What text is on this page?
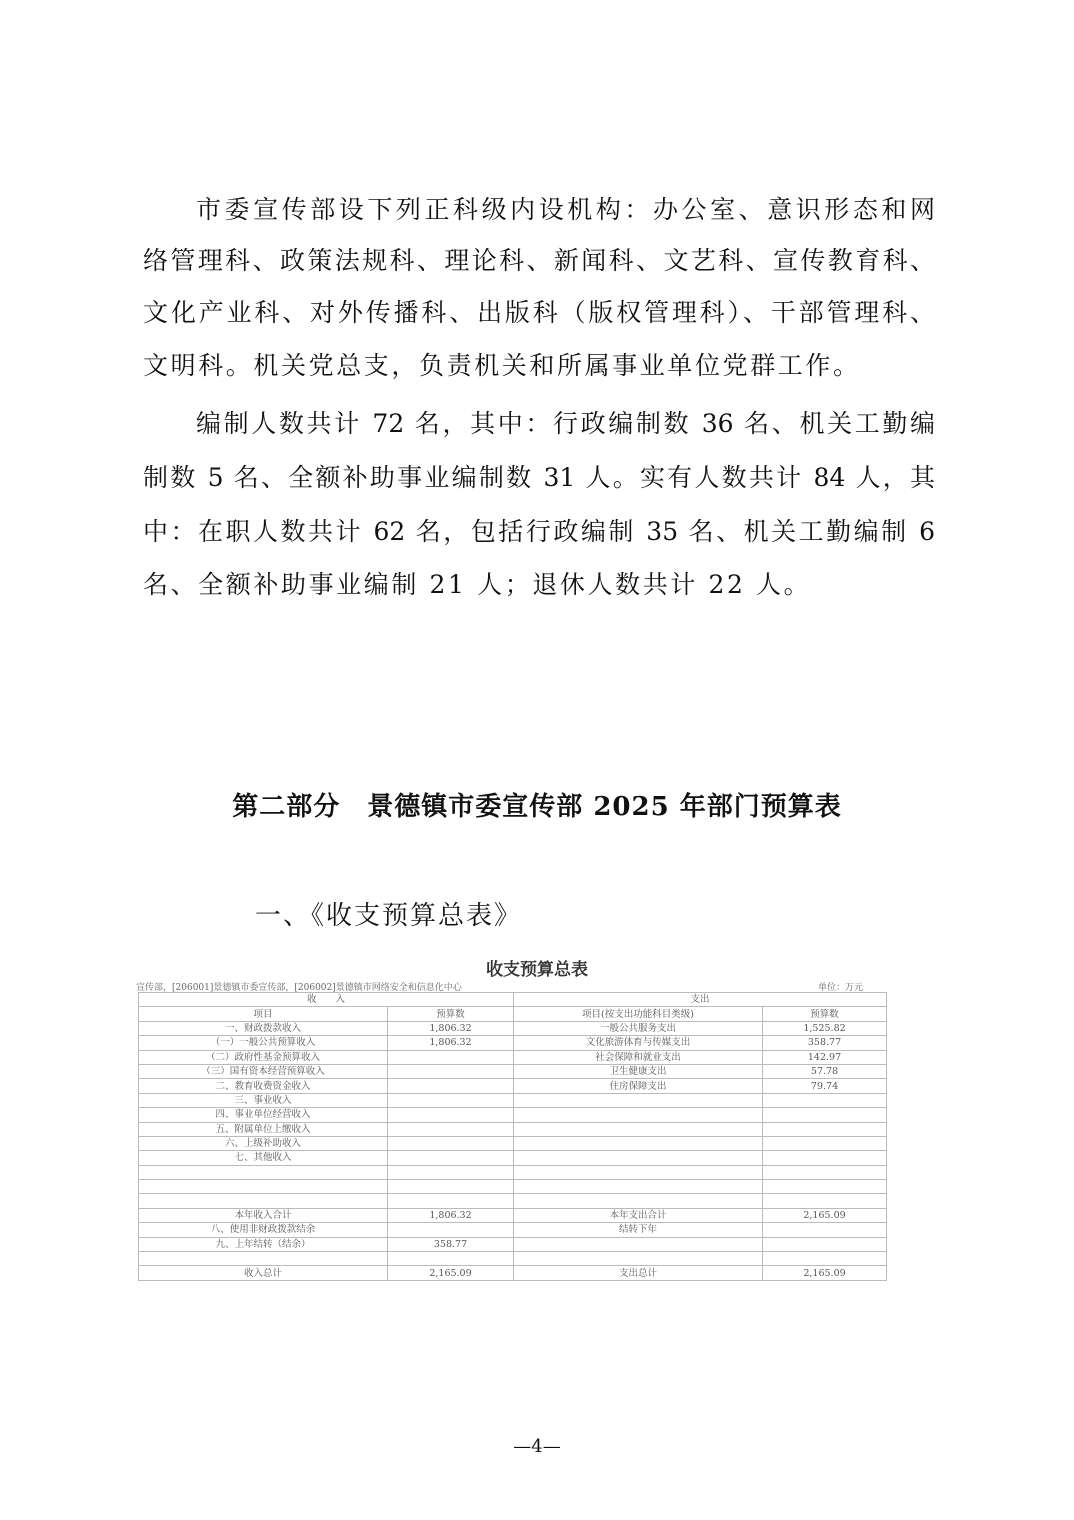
市委宣传部设下列正科级内设机构：办公室、意识形态和网
络管理科、政策法规科、理论科、新闻科、文艺科、宣传教育科、
文化产业科、对外传播科、出版科（版权管理科）、干部管理科、
文明科。机关党总支，负责机关和所属事业单位党群工作。
编制人数共计 72 名，其中：行政编制数 36 名、机关工勤编
制数 5 名、全额补助事业编制数 31 人。实有人数共计 84 人，其
中：在职人数共计 62 名，包括行政编制 35 名、机关工勤编制 6
名、全额补助事业编制 21 人；退休人数共计 22 人。
第二部分　景德镇市委宣传部 2025 年部门预算表
一、《收支预算总表》
收支预算总表
宣传部，[206001]景德镇市委宣传部，[206002]景德镇市网络安全和信息化中心	单位：万元
收　　入		支出	
项目	预算数	项目(按支出功能科目类级)	预算数
一、财政拨款收入	1,806.32	一般公共服务支出	1,525.82
（一）一般公共预算收入	1,806.32	文化旅游体育与传媒支出	358.77
（二）政府性基金预算收入		社会保障和就业支出	142.97
（三）国有资本经营预算收入		卫生健康支出	57.78
二、教育收费资金收入		住房保障支出	79.74
三、事业收入			
四、事业单位经营收入			
五、附属单位上缴收入			
六、上级补助收入			
七、其他收入			

本年收入合计	1,806.32	本年支出合计	2,165.09
八、使用非财政拨款结余		结转下年	
九、上年结转（结余）	358.77		

收入总计	2,165.09	支出总计	2,165.09
—4—
